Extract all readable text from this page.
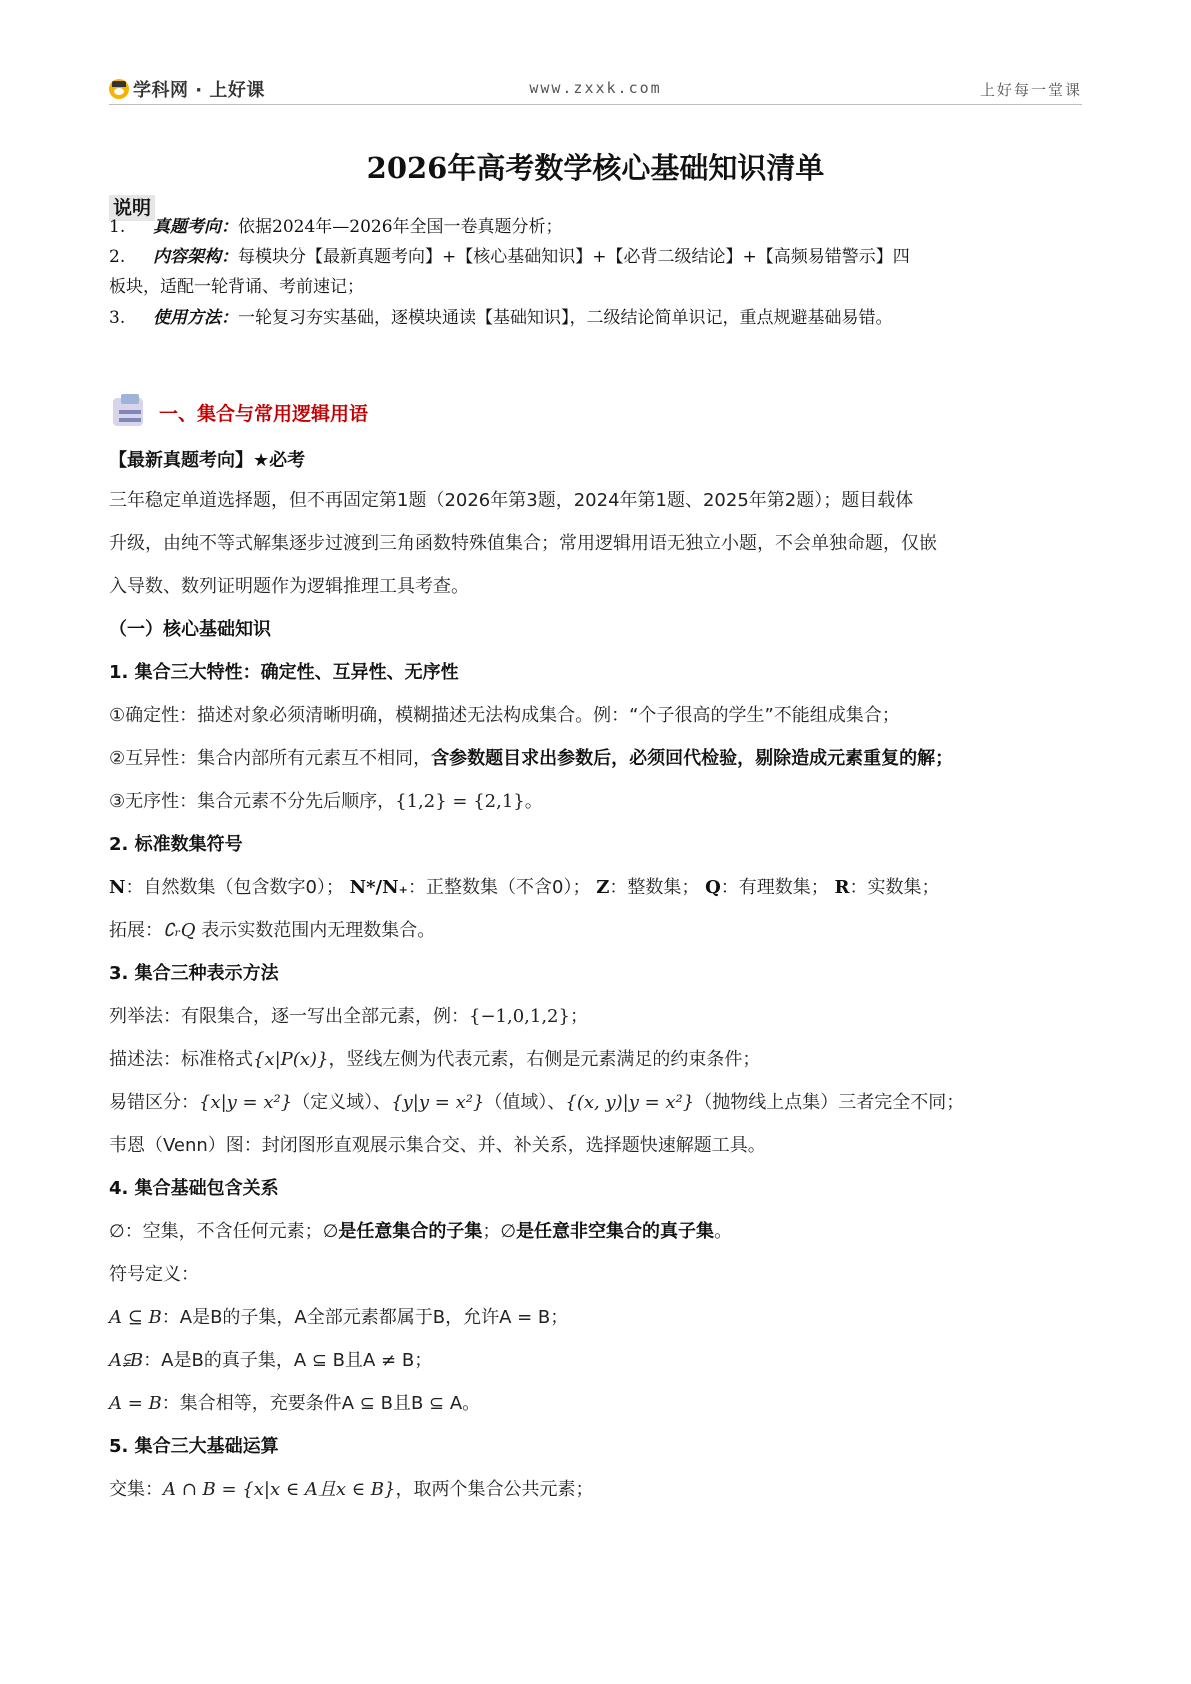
学科网 · 上好课	www.zxxk.com	上好每一堂课
2026年高考数学核心基础知识清单
说明
1. 真题考向：依据2024年—2026年全国一卷真题分析；
2. 内容架构：每模块分【最新真题考向】+【核心基础知识】+【必背二级结论】+【高频易错警示】四
板块，适配一轮背诵、考前速记；
3. 使用方法：一轮复习夯实基础，逐模块通读【基础知识】，二级结论简单识记，重点规避基础易错。
一、集合与常用逻辑用语
【最新真题考向】★必考
三年稳定单道选择题，但不再固定第1题（2026年第3题，2024年第1题、2025年第2题）；题目载体
升级，由纯不等式解集逐步过渡到三角函数特殊值集合；常用逻辑用语无独立小题，不会单独命题，仅嵌
入导数、数列证明题作为逻辑推理工具考查。
（一）核心基础知识
1. 集合三大特性：确定性、互异性、无序性
①确定性：描述对象必须清晰明确，模糊描述无法构成集合。例：“个子很高的学生”不能组成集合；
②互异性：集合内部所有元素互不相同，含参数题目求出参数后，必须回代检验，剔除造成元素重复的解；
③无序性：集合元素不分先后顺序，{1,2} = {2,1}。
2. 标准数集符号
N：自然数集（包含数字0）； N*/N₊：正整数集（不含0）； Z：整数集； Q：有理数集； R：实数集；
拓展：∁ᵣQ 表示实数范围内无理数集合。
3. 集合三种表示方法
列举法：有限集合，逐一写出全部元素，例：{−1,0,1,2}；
描述法：标准格式{x|P(x)}，竖线左侧为代表元素，右侧是元素满足的约束条件；
易错区分：{x|y = x²}（定义域）、{y|y = x²}（值域）、{(x, y)|y = x²}（抛物线上点集）三者完全不同；
韦恩（Venn）图：封闭图形直观展示集合交、并、补关系，选择题快速解题工具。
4. 集合基础包含关系
∅：空集，不含任何元素；∅是任意集合的子集；∅是任意非空集合的真子集。
符号定义：
A ⊆ B：A是B的子集，A全部元素都属于B，允许A = B；
A⫋B：A是B的真子集，A ⊆ B且A ≠ B；
A = B：集合相等，充要条件A ⊆ B且B ⊆ A。
5. 集合三大基础运算
交集：A ∩ B = {x|x ∈ A且x ∈ B}，取两个集合公共元素；
